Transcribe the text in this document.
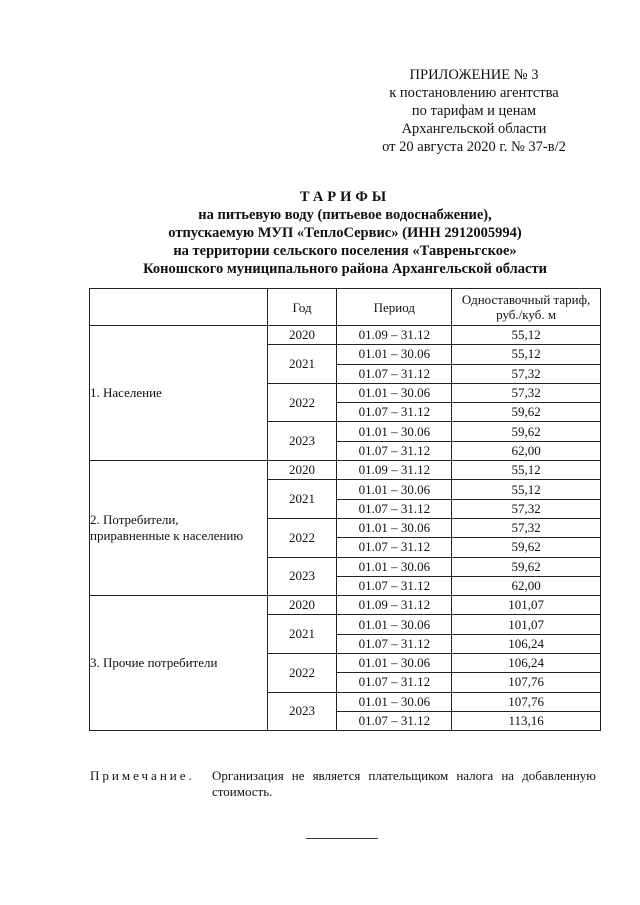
ПРИЛОЖЕНИЕ № 3
к постановлению агентства
по тарифам и ценам
Архангельской области
от 20 августа 2020 г. № 37-в/2
ТАРИФЫ
на питьевую воду (питьевое водоснабжение),
отпускаемую МУП «ТеплоСервис» (ИНН 2912005994)
на территории сельского поселения «Тавреньгское»
Коношского муниципального района Архангельской области
	Год	Период	Одноставочный тариф,
руб./куб. м
1. Население	2020	01.09 – 31.12	55,12
	2021	01.01 – 30.06	55,12
		01.07 – 31.12	57,32
	2022	01.01 – 30.06	57,32
		01.07 – 31.12	59,62
	2023	01.01 – 30.06	59,62
		01.07 – 31.12	62,00
2. Потребители,
приравненные к населению	2020	01.09 – 31.12	55,12
	2021	01.01 – 30.06	55,12
		01.07 – 31.12	57,32
	2022	01.01 – 30.06	57,32
		01.07 – 31.12	59,62
	2023	01.01 – 30.06	59,62
		01.07 – 31.12	62,00
3. Прочие потребители	2020	01.09 – 31.12	101,07
	2021	01.01 – 30.06	101,07
		01.07 – 31.12	106,24
	2022	01.01 – 30.06	106,24
		01.07 – 31.12	107,76
	2023	01.01 – 30.06	107,76
		01.07 – 31.12	113,16
Примечание. Организация не является плательщиком налога на добавленную стоимость.
